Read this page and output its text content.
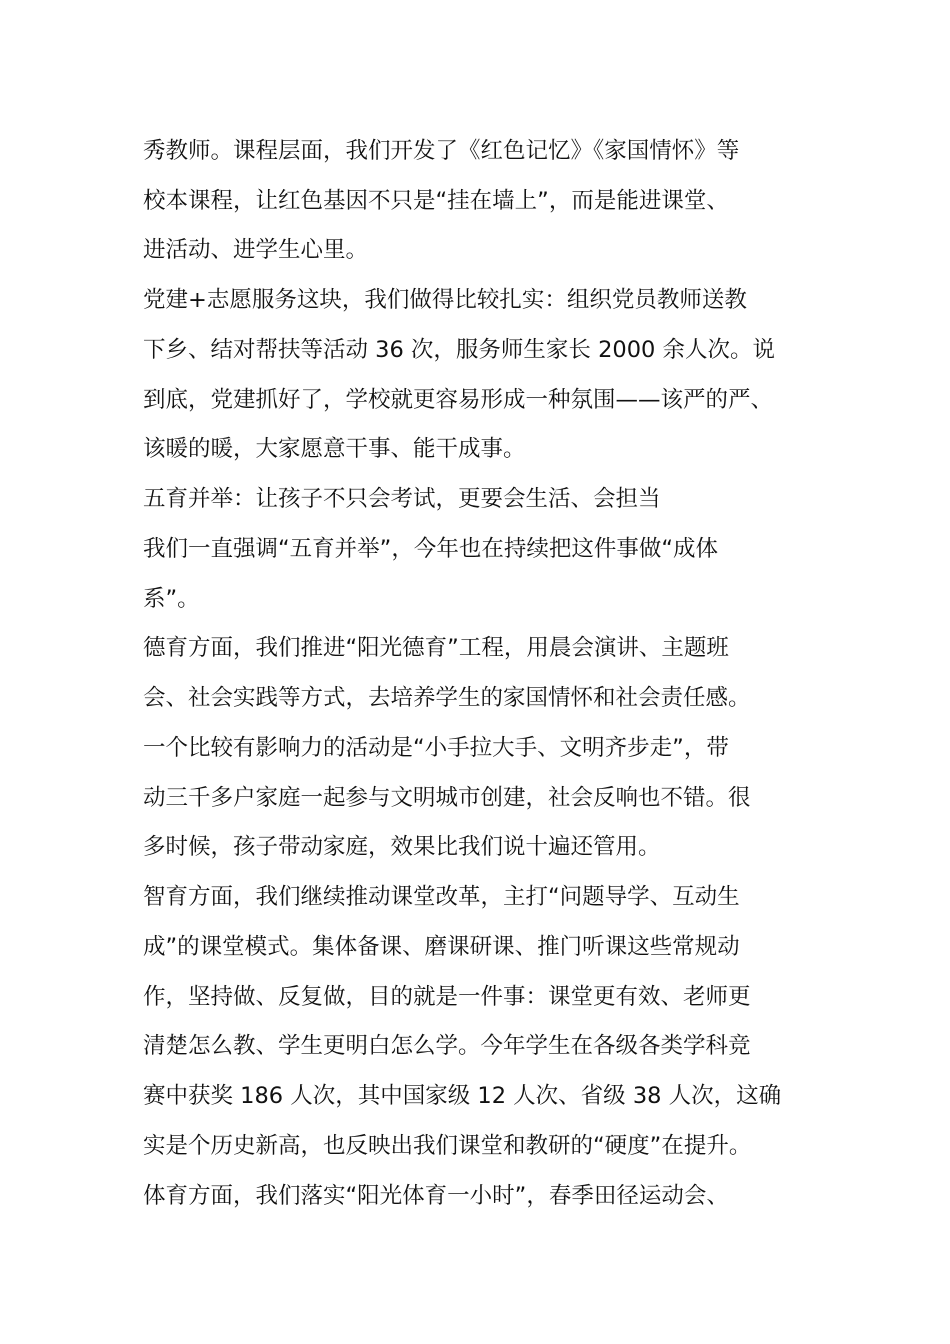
秀教师。课程层面，我们开发了《红色记忆》《家国情怀》等

校本课程，让红色基因不只是“挂在墙上”，而是能进课堂、

进活动、进学生心里。

党建+志愿服务这块，我们做得比较扎实：组织党员教师送教

下乡、结对帮扶等活动 36 次，服务师生家长 2000 余人次。说

到底，党建抓好了，学校就更容易形成一种氛围——该严的严、

该暖的暖，大家愿意干事、能干成事。

五育并举：让孩子不只会考试，更要会生活、会担当

我们一直强调“五育并举”，今年也在持续把这件事做“成体

系”。

德育方面，我们推进“阳光德育”工程，用晨会演讲、主题班

会、社会实践等方式，去培养学生的家国情怀和社会责任感。

一个比较有影响力的活动是“小手拉大手、文明齐步走”，带

动三千多户家庭一起参与文明城市创建，社会反响也不错。很

多时候，孩子带动家庭，效果比我们说十遍还管用。

智育方面，我们继续推动课堂改革，主打“问题导学、互动生

成”的课堂模式。集体备课、磨课研课、推门听课这些常规动

作，坚持做、反复做，目的就是一件事：课堂更有效、老师更

清楚怎么教、学生更明白怎么学。今年学生在各级各类学科竞

赛中获奖 186 人次，其中国家级 12 人次、省级 38 人次，这确

实是个历史新高，也反映出我们课堂和教研的“硬度”在提升。

体育方面，我们落实“阳光体育一小时”，春季田径运动会、
